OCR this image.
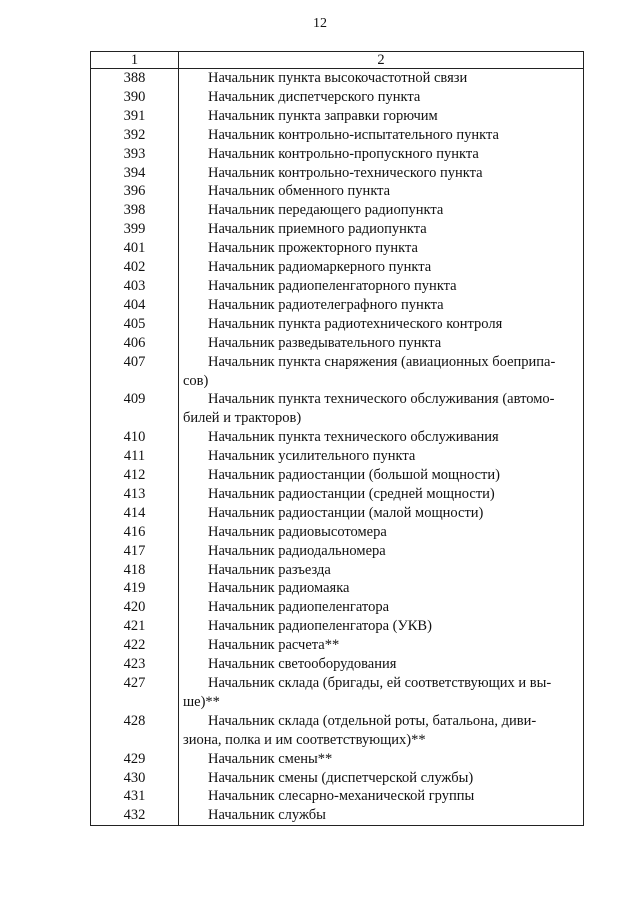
12
1	2
388	Начальник пункта высокочастотной связи

390	Начальник диспетчерского пункта

391	Начальник пункта заправки горючим

392	Начальник контрольно-испытательного пункта

393	Начальник контрольно-пропускного пункта

394	Начальник контрольно-технического пункта

396	Начальник обменного пункта

398	Начальник передающего радиопункта

399	Начальник приемного радиопункта

401	Начальник прожекторного пункта

402	Начальник радиомаркерного пункта

403	Начальник радиопеленгаторного пункта

404	Начальник радиотелеграфного пункта

405	Начальник пункта радиотехнического контроля

406	Начальник разведывательного пункта

407	Начальник пункта снаряжения (авиационных боеприпа-
сов)

409	Начальник пункта технического обслуживания (автомо-
билей и тракторов)

410	Начальник пункта технического обслуживания

411	Начальник усилительного пункта

412	Начальник радиостанции (большой мощности)

413	Начальник радиостанции (средней мощности)

414	Начальник радиостанции (малой мощности)

416	Начальник радиовысотомера

417	Начальник радиодальномера

418	Начальник разъезда

419	Начальник радиомаяка

420	Начальник радиопеленгатора

421	Начальник радиопеленгатора (УКВ)

422	Начальник расчета**

423	Начальник светооборудования

427	Начальник склада (бригады, ей соответствующих и вы-
ше)**

428	Начальник склада (отдельной роты, батальона, диви-
зиона, полка и им соответствующих)**

429	Начальник смены**

430	Начальник смены (диспетчерской службы)

431	Начальник слесарно-механической группы

432	Начальник службы
